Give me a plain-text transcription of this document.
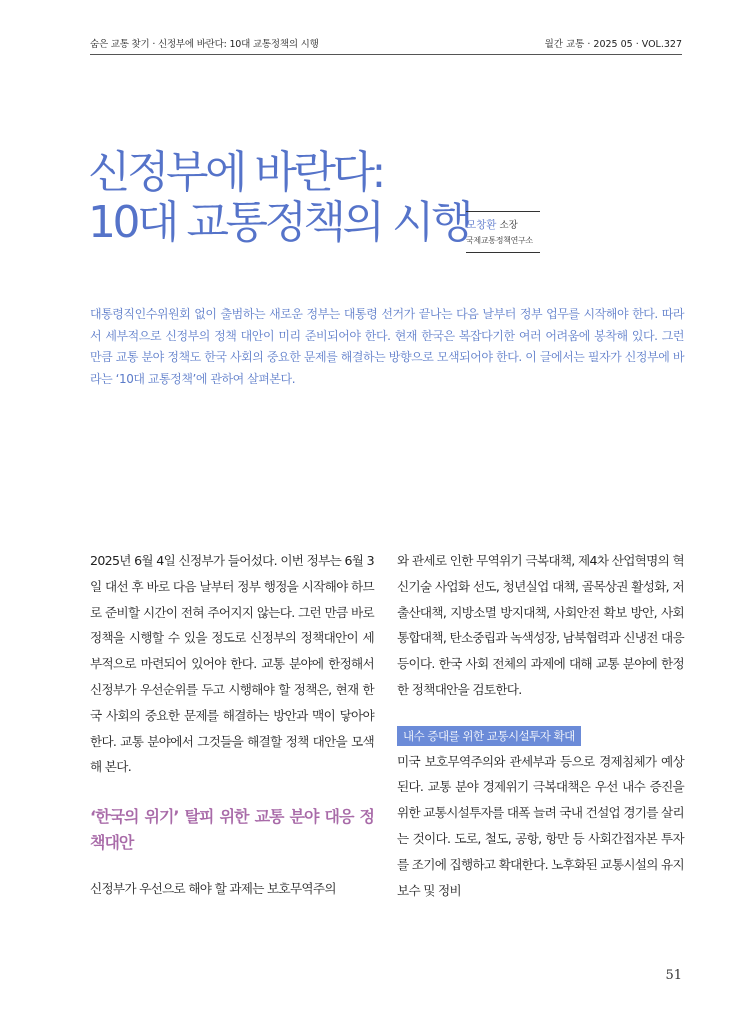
숨은 교통 찾기 · 신정부에 바란다: 10대 교통정책의 시행	월간 교통 · 2025 05 · VOL.327
신정부에 바란다:
10대 교통정책의 시행
모창환 소장
국제교통정책연구소

대통령직인수위원회 없이 출범하는 새로운 정부는 대통령 선거가 끝나는 다음 날부터 정부 업무를 시작해야 한다. 따라서 세부적으로 신정부의 정책 대안이 미리 준비되어야 한다. 현재 한국은 복잡다기한 여러 어려움에 봉착해 있다. 그런 만큼 교통 분야 정책도 한국 사회의 중요한 문제를 해결하는 방향으로 모색되어야 한다. 이 글에서는 필자가 신정부에 바라는 ‘10대 교통정책’에 관하여 살펴본다.

2025년 6월 4일 신정부가 들어섰다. 이번 정부는 6월 3일 대선 후 바로 다음 날부터 정부 행정을 시작해야 하므로 준비할 시간이 전혀 주어지지 않는다. 그런 만큼 바로 정책을 시행할 수 있을 정도로 신정부의 정책대안이 세부적으로 마련되어 있어야 한다. 교통 분야에 한정해서 신정부가 우선순위를 두고 시행해야 할 정책은, 현재 한국 사회의 중요한 문제를 해결하는 방안과 맥이 닿아야 한다. 교통 분야에서 그것들을 해결할 정책 대안을 모색해 본다.

‘한국의 위기’ 탈피 위한 교통 분야 대응 정책대안

신정부가 우선으로 해야 할 과제는 보호무역주의

와 관세로 인한 무역위기 극복대책, 제4차 산업혁명의 혁신기술 사업화 선도, 청년실업 대책, 골목상권 활성화, 저출산대책, 지방소멸 방지대책, 사회안전 확보 방안, 사회통합대책, 탄소중립과 녹색성장, 남북협력과 신냉전 대응 등이다. 한국 사회 전체의 과제에 대해 교통 분야에 한정한 정책대안을 검토한다.

내수 증대를 위한 교통시설투자 확대

미국 보호무역주의와 관세부과 등으로 경제침체가 예상된다. 교통 분야 경제위기 극복대책은 우선 내수 증진을 위한 교통시설투자를 대폭 늘려 국내 건설업 경기를 살리는 것이다. 도로, 철도, 공항, 항만 등 사회간접자본 투자를 조기에 집행하고 확대한다. 노후화된 교통시설의 유지보수 및 정비

51
